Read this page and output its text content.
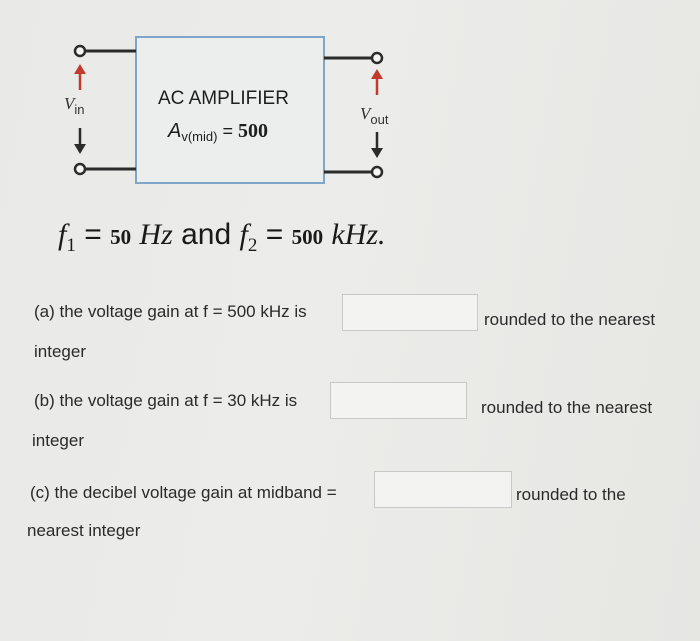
AC AMPLIFIER
$A_{v(mid)} = 500$
$V_{in}$	$V_{out}$
$f_1 = 50$ Hz and $f_2 = 500$ kHz.
(a) the voltage gain at f = 500 kHz is	rounded to the nearest
integer
(b) the voltage gain at f = 30 kHz is	rounded to the nearest
integer
(c) the decibel voltage gain at midband =	rounded to the
nearest integer
